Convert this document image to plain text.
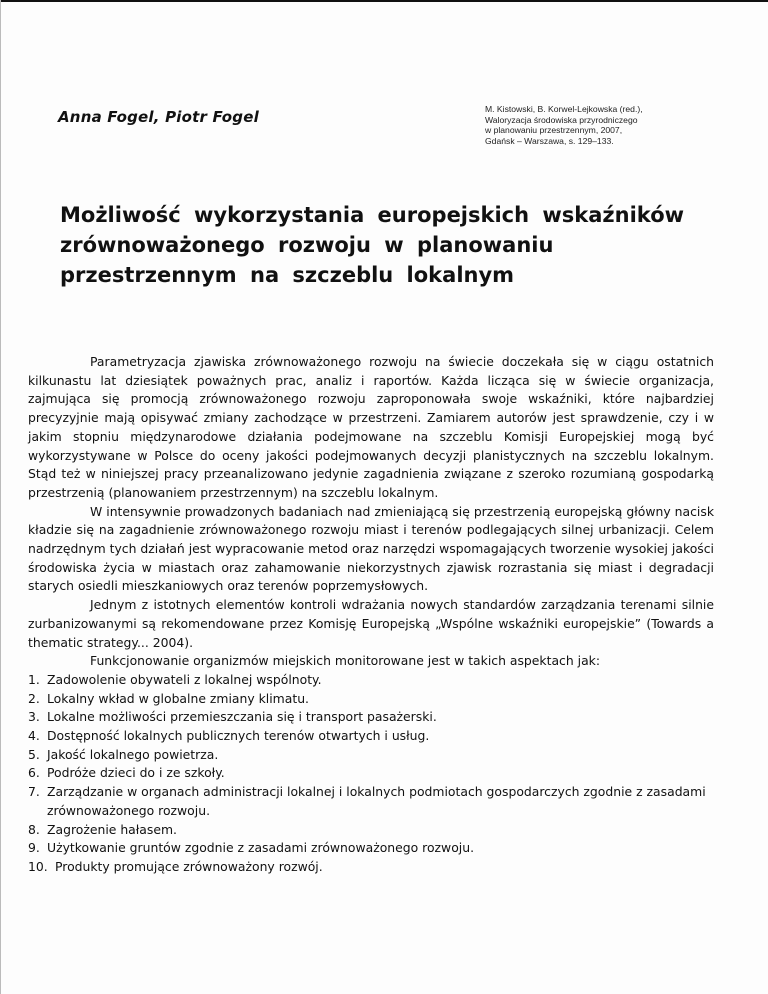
Anna Fogel, Piotr Fogel	M. Kistowski, B. Korwel-Lejkowska (red.),
Waloryzacja środowiska przyrodniczego
w planowaniu przestrzennym, 2007,
Gdańsk – Warszawa, s. 129–133.
Możliwość wykorzystania europejskich wskaźników
zrównoważonego rozwoju w planowaniu
przestrzennym na szczeblu lokalnym

Parametryzacja zjawiska zrównoważonego rozwoju na świecie doczekała się w ciągu ostatnich kilkunastu lat dziesiątek poważnych prac, analiz i raportów. Każda licząca się w świecie organizacja, zajmująca się promocją zrównoważonego rozwoju zaproponowała swoje wskaźniki, które najbardziej precyzyjnie mają opisywać zmiany zachodzące w przestrzeni. Zamiarem autorów jest sprawdzenie, czy i w jakim stopniu międzynarodowe działania podejmowane na szczeblu Komisji Europejskiej mogą być wykorzystywane w Polsce do oceny jakości podejmowanych decyzji planistycznych na szczeblu lokalnym. Stąd też w niniejszej pracy przeanalizowano jedynie zagadnienia związane z szeroko rozumianą gospodarką przestrzenią (planowaniem przestrzennym) na szczeblu lokalnym.

W intensywnie prowadzonych badaniach nad zmieniającą się przestrzenią europejską główny nacisk kładzie się na zagadnienie zrównoważonego rozwoju miast i terenów podlegających silnej urbanizacji. Celem nadrzędnym tych działań jest wypracowanie metod oraz narzędzi wspomagających tworzenie wysokiej jakości środowiska życia w miastach oraz zahamowanie niekorzystnych zjawisk rozrastania się miast i degradacji starych osiedli mieszkaniowych oraz terenów poprzemysłowych.

Jednym z istotnych elementów kontroli wdrażania nowych standardów zarządzania terenami silnie zurbanizowanymi są rekomendowane przez Komisję Europejską „Wspólne wskaźniki europejskie” (Towards a thematic strategy... 2004).

Funkcjonowanie organizmów miejskich monitorowane jest w takich aspektach jak:

1. Zadowolenie obywateli z lokalnej wspólnoty.
2. Lokalny wkład w globalne zmiany klimatu.
3. Lokalne możliwości przemieszczania się i transport pasażerski.
4. Dostępność lokalnych publicznych terenów otwartych i usług.
5. Jakość lokalnego powietrza.
6. Podróże dzieci do i ze szkoły.
7. Zarządzanie w organach administracji lokalnej i lokalnych podmiotach gospodarczych zgodnie z zasadami zrównoważonego rozwoju.
8. Zagrożenie hałasem.
9. Użytkowanie gruntów zgodnie z zasadami zrównoważonego rozwoju.
10. Produkty promujące zrównoważony rozwój.
